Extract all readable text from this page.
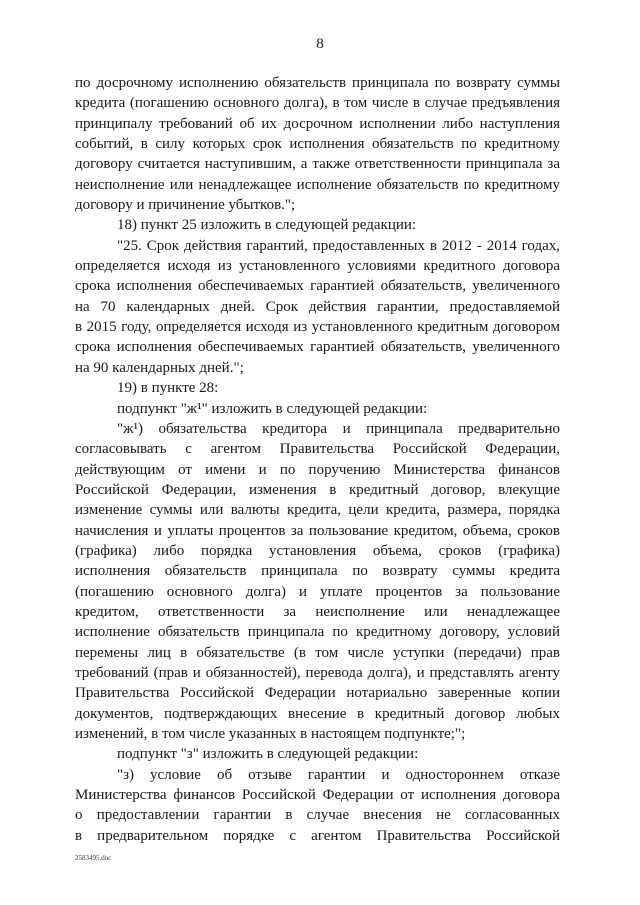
8
по досрочному исполнению обязательств принципала по возврату суммы
кредита (погашению основного долга), в том числе в случае предъявления
принципалу требований об их досрочном исполнении либо наступления
событий, в силу которых срок исполнения обязательств по кредитному
договору считается наступившим, а также ответственности принципала за
неисполнение или ненадлежащее исполнение обязательств по кредитному
договору и причинение убытков.";
18) пункт 25 изложить в следующей редакции:
"25. Срок действия гарантий, предоставленных в 2012 - 2014 годах,
определяется исходя из установленного условиями кредитного договора
срока исполнения обеспечиваемых гарантией обязательств, увеличенного
на 70 календарных дней. Срок действия гарантии, предоставляемой
в 2015 году, определяется исходя из установленного кредитным договором
срока исполнения обеспечиваемых гарантией обязательств, увеличенного
на 90 календарных дней.";
19) в пункте 28:
подпункт "ж¹" изложить в следующей редакции:
"ж¹) обязательства кредитора и принципала предварительно
согласовывать с агентом Правительства Российской Федерации,
действующим от имени и по поручению Министерства финансов
Российской Федерации, изменения в кредитный договор, влекущие
изменение суммы или валюты кредита, цели кредита, размера, порядка
начисления и уплаты процентов за пользование кредитом, объема, сроков
(графика) либо порядка установления объема, сроков (графика)
исполнения обязательств принципала по возврату суммы кредита
(погашению основного долга) и уплате процентов за пользование
кредитом, ответственности за неисполнение или ненадлежащее
исполнение обязательств принципала по кредитному договору, условий
перемены лиц в обязательстве (в том числе уступки (передачи) прав
требований (прав и обязанностей), перевода долга), и представлять агенту
Правительства Российской Федерации нотариально заверенные копии
документов, подтверждающих внесение в кредитный договор любых
изменений, в том числе указанных в настоящем подпункте;";
подпункт "з" изложить в следующей редакции:
"з) условие об отзыве гарантии и одностороннем отказе
Министерства финансов Российской Федерации от исполнения договора
о предоставлении гарантии в случае внесения не согласованных
в предварительном порядке с агентом Правительства Российской
2583495.doc
